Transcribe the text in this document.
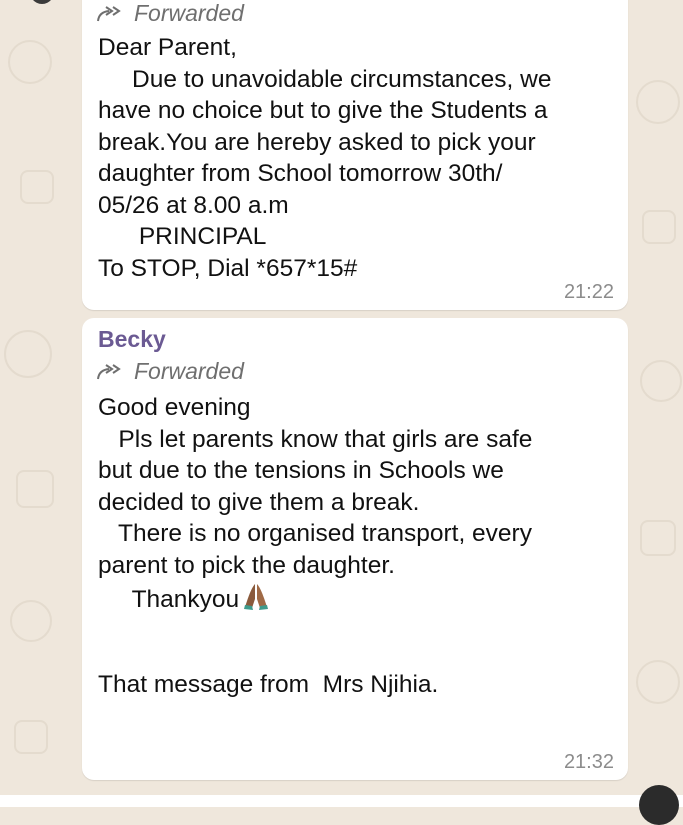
Forwarded
Dear Parent,
Due to unavoidable circumstances, we
have no choice but to give the Students a
break.You are hereby asked to pick your
daughter from School tomorrow 30th/
05/26 at 8.00 a.m
PRINCIPAL
To STOP, Dial *657*15#
21:22
Becky
Forwarded
Good evening
Pls let parents know that girls are safe
but due to the tensions in Schools we
decided to give them a break.
There is no organised transport, every
parent to pick the daughter.
Thankyou
That message from  Mrs Njihia.
21:32
